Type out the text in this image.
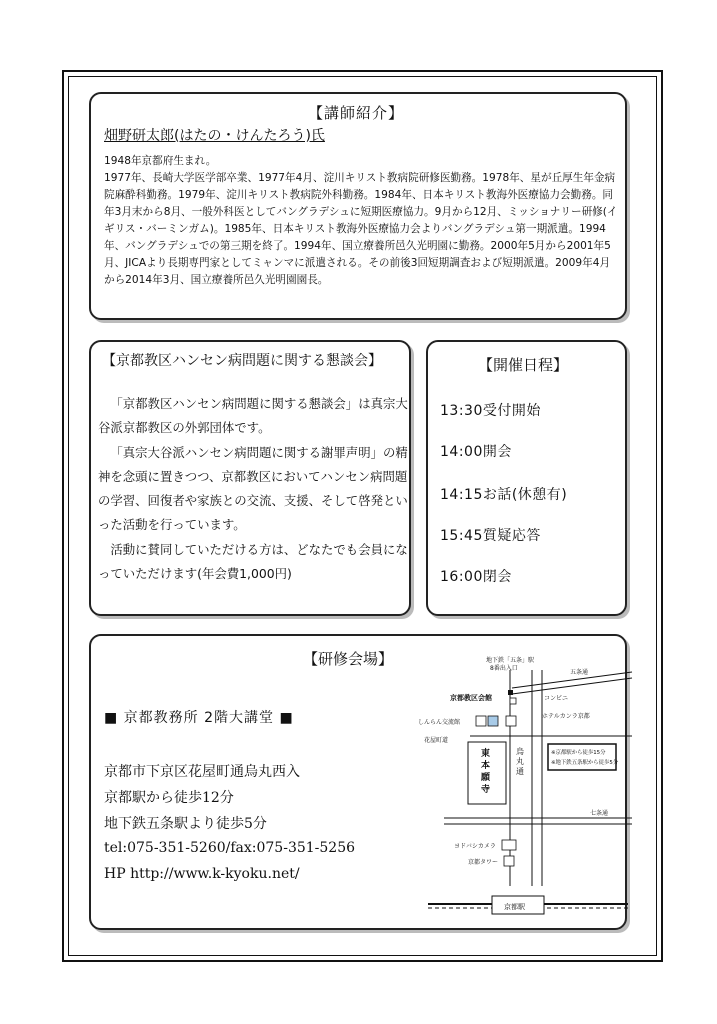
【講師紹介】
畑野研太郎(はたの・けんたろう)氏

1948年京都府生まれ。

1977年、長崎大学医学部卒業、1977年4月、淀川キリスト教病院研修医勤務。1978年、星が丘厚生年金病院麻酔科勤務。1979年、淀川キリスト教病院外科勤務。1984年、日本キリスト教海外医療協力会勤務。同年3月末から8月、一般外科医としてバングラデシュに短期医療協力。9月から12月、ミッショナリー研修(イギリス・バーミンガム)。1985年、日本キリスト教海外医療協力会よりバングラデシュ第一期派遣。1994年、バングラデシュでの第三期を終了。1994年、国立療養所邑久光明園に勤務。2000年5月から2001年5月、JICAより長期専門家としてミャンマに派遣される。その前後3回短期調査および短期派遣。2009年4月から2014年3月、国立療養所邑久光明園園長。

【京都教区ハンセン病問題に関する懇談会】

「京都教区ハンセン病問題に関する懇談会」は真宗大谷派京都教区の外郭団体です。

「真宗大谷派ハンセン病問題に関する謝罪声明」の精神を念頭に置きつつ、京都教区においてハンセン病問題の学習、回復者や家族との交流、支援、そして啓発といった活動を行っています。

活動に賛同していただける方は、どなたでも会員になっていただけます(年会費1,000円)

【開催日程】
13:30受付開始
14:00開会
14:15お話(休憩有)
15:45質疑応答
16:00閉会
【研修会場】
■ 京都教務所 2階大講堂 ■
京都市下京区花屋町通烏丸西入
京都駅から徒歩12分
地下鉄五条駅より徒歩5分
tel:075-351-5260/fax:075-351-5256
HP http://www.k-kyoku.net/
地下鉄「五条」駅
8番出入口
五条通
コンビニ
京都教区会館
しんらん交流館
ホテルカンラ京都
花屋町道
東
本
願
寺
烏
丸
通
※京都駅から徒歩15分
※地下鉄五条駅から徒歩5分
七条通
ヨドバシカメラ
京都タワー
京都駅
